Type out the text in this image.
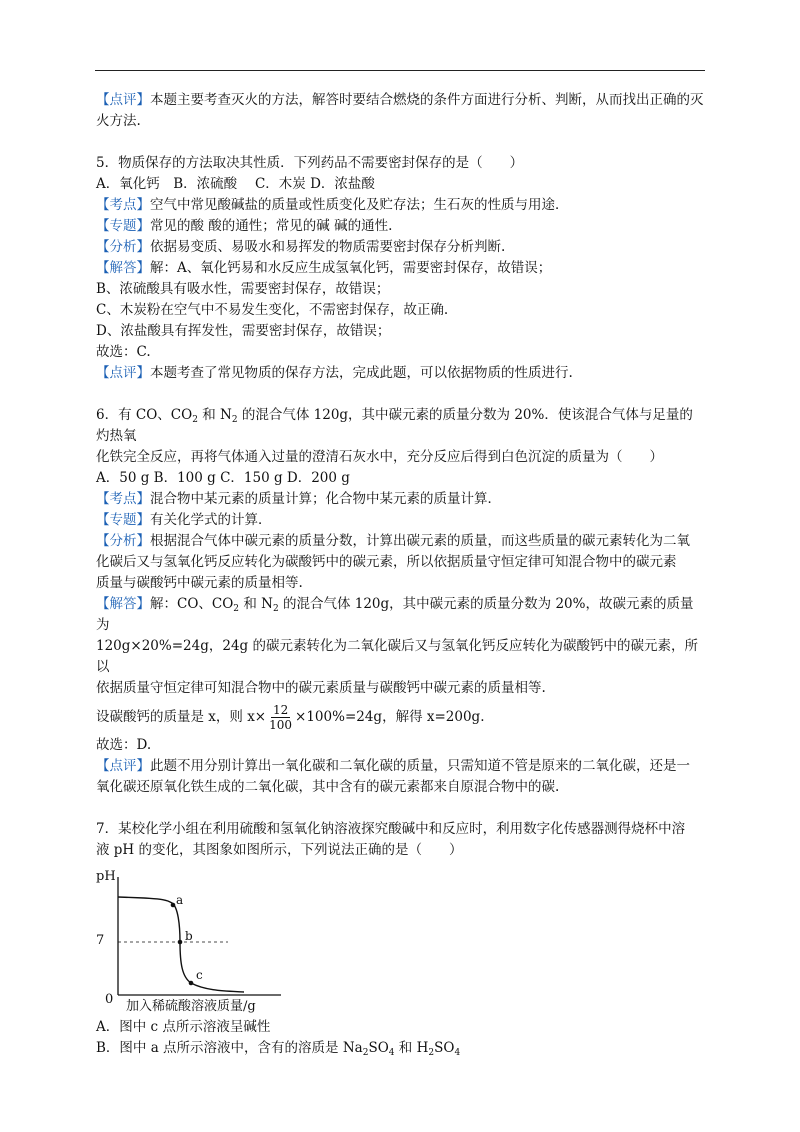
【点评】本题主要考查灭火的方法，解答时要结合燃烧的条件方面进行分析、判断，从而找出正确的灭

火方法.

5．物质保存的方法取决其性质．下列药品不需要密封保存的是（　　）

A．氧化钙　B．浓硫酸　 C．木炭 D．浓盐酸

【考点】空气中常见酸碱盐的质量或性质变化及贮存法；生石灰的性质与用途．

【专题】常见的酸 酸的通性；常见的碱 碱的通性.

【分析】依据易变质、易吸水和易挥发的物质需要密封保存分析判断.

【解答】解：A、氧化钙易和水反应生成氢氧化钙，需要密封保存，故错误；

B、浓硫酸具有吸水性，需要密封保存，故错误；

C、木炭粉在空气中不易发生变化，不需密封保存，故正确.

D、浓盐酸具有挥发性，需要密封保存，故错误；

故选：C.

【点评】本题考查了常见物质的保存方法，完成此题，可以依据物质的性质进行.

6．有 CO、$CO_2$ 和 $N_2$ 的混合气体 120g，其中碳元素的质量分数为 20%．使该混合气体与足量的灼热氧

化铁完全反应，再将气体通入过量的澄清石灰水中，充分反应后得到白色沉淀的质量为（　　）

A．50 g B．100 g C．150 g D．200 g

【考点】混合物中某元素的质量计算；化合物中某元素的质量计算．

【专题】有关化学式的计算．

【分析】根据混合气体中碳元素的质量分数，计算出碳元素的质量，而这些质量的碳元素转化为二氧

化碳后又与氢氧化钙反应转化为碳酸钙中的碳元素，所以依据质量守恒定律可知混合物中的碳元素

质量与碳酸钙中碳元素的质量相等.

【解答】解：CO、$CO_2$ 和 $N_2$ 的混合气体 120g，其中碳元素的质量分数为 20%，故碳元素的质量为

120g×20%=24g，24g 的碳元素转化为二氧化碳后又与氢氧化钙反应转化为碳酸钙中的碳元素，所以

依据质量守恒定律可知混合物中的碳元素质量与碳酸钙中碳元素的质量相等.

设碳酸钙的质量是 x，则 $x\times \frac{12}{100} \times 100\%=24g$，解得 x=200g.

故选：D.

【点评】此题不用分别计算出一氧化碳和二氧化碳的质量，只需知道不管是原来的二氧化碳，还是一

氧化碳还原氧化铁生成的二氧化碳，其中含有的碳元素都来自原混合物中的碳.

7．某校化学小组在利用硫酸和氢氧化钠溶液探究酸碱中和反应时，利用数字化传感器测得烧杯中溶

液 pH 的变化，其图象如图所示，下列说法正确的是（　　）

pH
7
0 加入稀硫酸溶液质量/g
a
b
c

A．图中 c 点所示溶液呈碱性

B．图中 a 点所示溶液中，含有的溶质是 $Na_2SO_4$ 和 $H_2SO_4$
